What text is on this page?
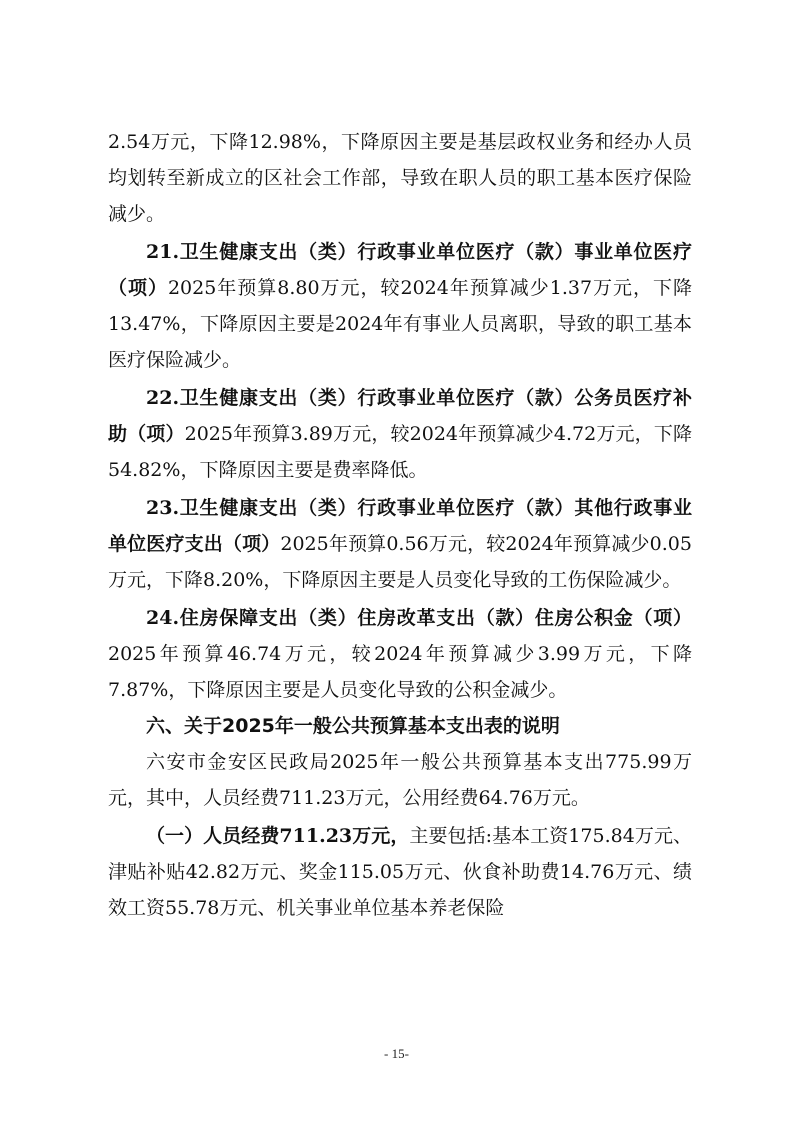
2.54万元，下降12.98%，下降原因主要是基层政权业务和经办人员均划转至新成立的区社会工作部，导致在职人员的职工基本医疗保险减少。

21.卫生健康支出（类）行政事业单位医疗（款）事业单位医疗（项）2025年预算8.80万元，较2024年预算减少1.37万元，下降13.47%，下降原因主要是2024年有事业人员离职，导致的职工基本医疗保险减少。

22.卫生健康支出（类）行政事业单位医疗（款）公务员医疗补助（项）2025年预算3.89万元，较2024年预算减少4.72万元，下降54.82%，下降原因主要是费率降低。

23.卫生健康支出（类）行政事业单位医疗（款）其他行政事业单位医疗支出（项）2025年预算0.56万元，较2024年预算减少0.05万元，下降8.20%，下降原因主要是人员变化导致的工伤保险减少。

24.住房保障支出（类）住房改革支出（款）住房公积金（项）2025年预算46.74万元，较2024年预算减少3.99万元，下降7.87%，下降原因主要是人员变化导致的公积金减少。

六、关于2025年一般公共预算基本支出表的说明

六安市金安区民政局2025年一般公共预算基本支出775.99万元，其中，人员经费711.23万元，公用经费64.76万元。

（一）人员经费711.23万元，主要包括:基本工资175.84万元、津贴补贴42.82万元、奖金115.05万元、伙食补助费14.76万元、绩效工资55.78万元、机关事业单位基本养老保险

- 15-
